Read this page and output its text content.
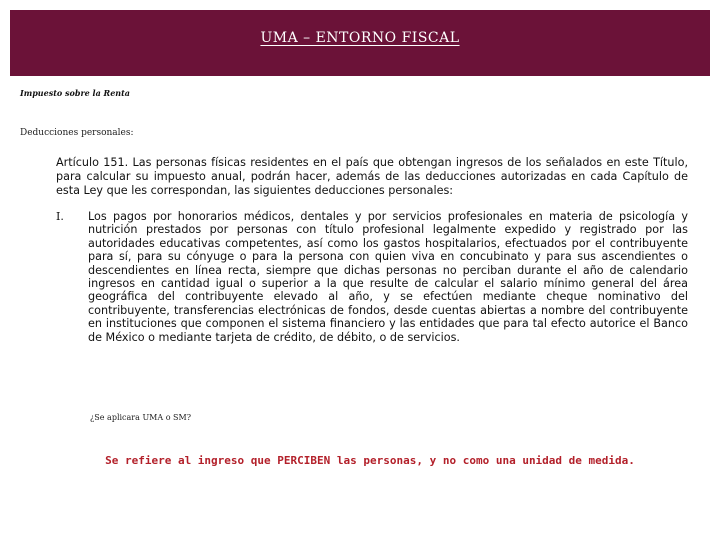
UMA – ENTORNO FISCAL
Impuesto sobre la Renta
Deducciones personales:

Artículo 151. Las personas físicas residentes en el país que obtengan ingresos de los señalados en este Título, para calcular su impuesto anual, podrán hacer, además de las deducciones autorizadas en cada Capítulo de esta Ley que les correspondan, las siguientes deducciones personales:

I.	Los pagos por honorarios médicos, dentales y por servicios profesionales en materia de psicología y nutrición prestados por personas con título profesional legalmente expedido y registrado por las autoridades educativas competentes, así como los gastos hospitalarios, efectuados por el contribuyente para sí, para su cónyuge o para la persona con quien viva en concubinato y para sus ascendientes o descendientes en línea recta, siempre que dichas personas no perciban durante el año de calendario ingresos en cantidad igual o superior a la que resulte de calcular el salario mínimo general del área geográfica del contribuyente elevado al año, y se efectúen mediante cheque nominativo del contribuyente, transferencias electrónicas de fondos, desde cuentas abiertas a nombre del contribuyente en instituciones que componen el sistema financiero y las entidades que para tal efecto autorice el Banco de México o mediante tarjeta de crédito, de débito, o de servicios.
¿Se aplicara UMA o SM?
Se refiere al ingreso que PERCIBEN las personas, y no como una unidad de medida.
